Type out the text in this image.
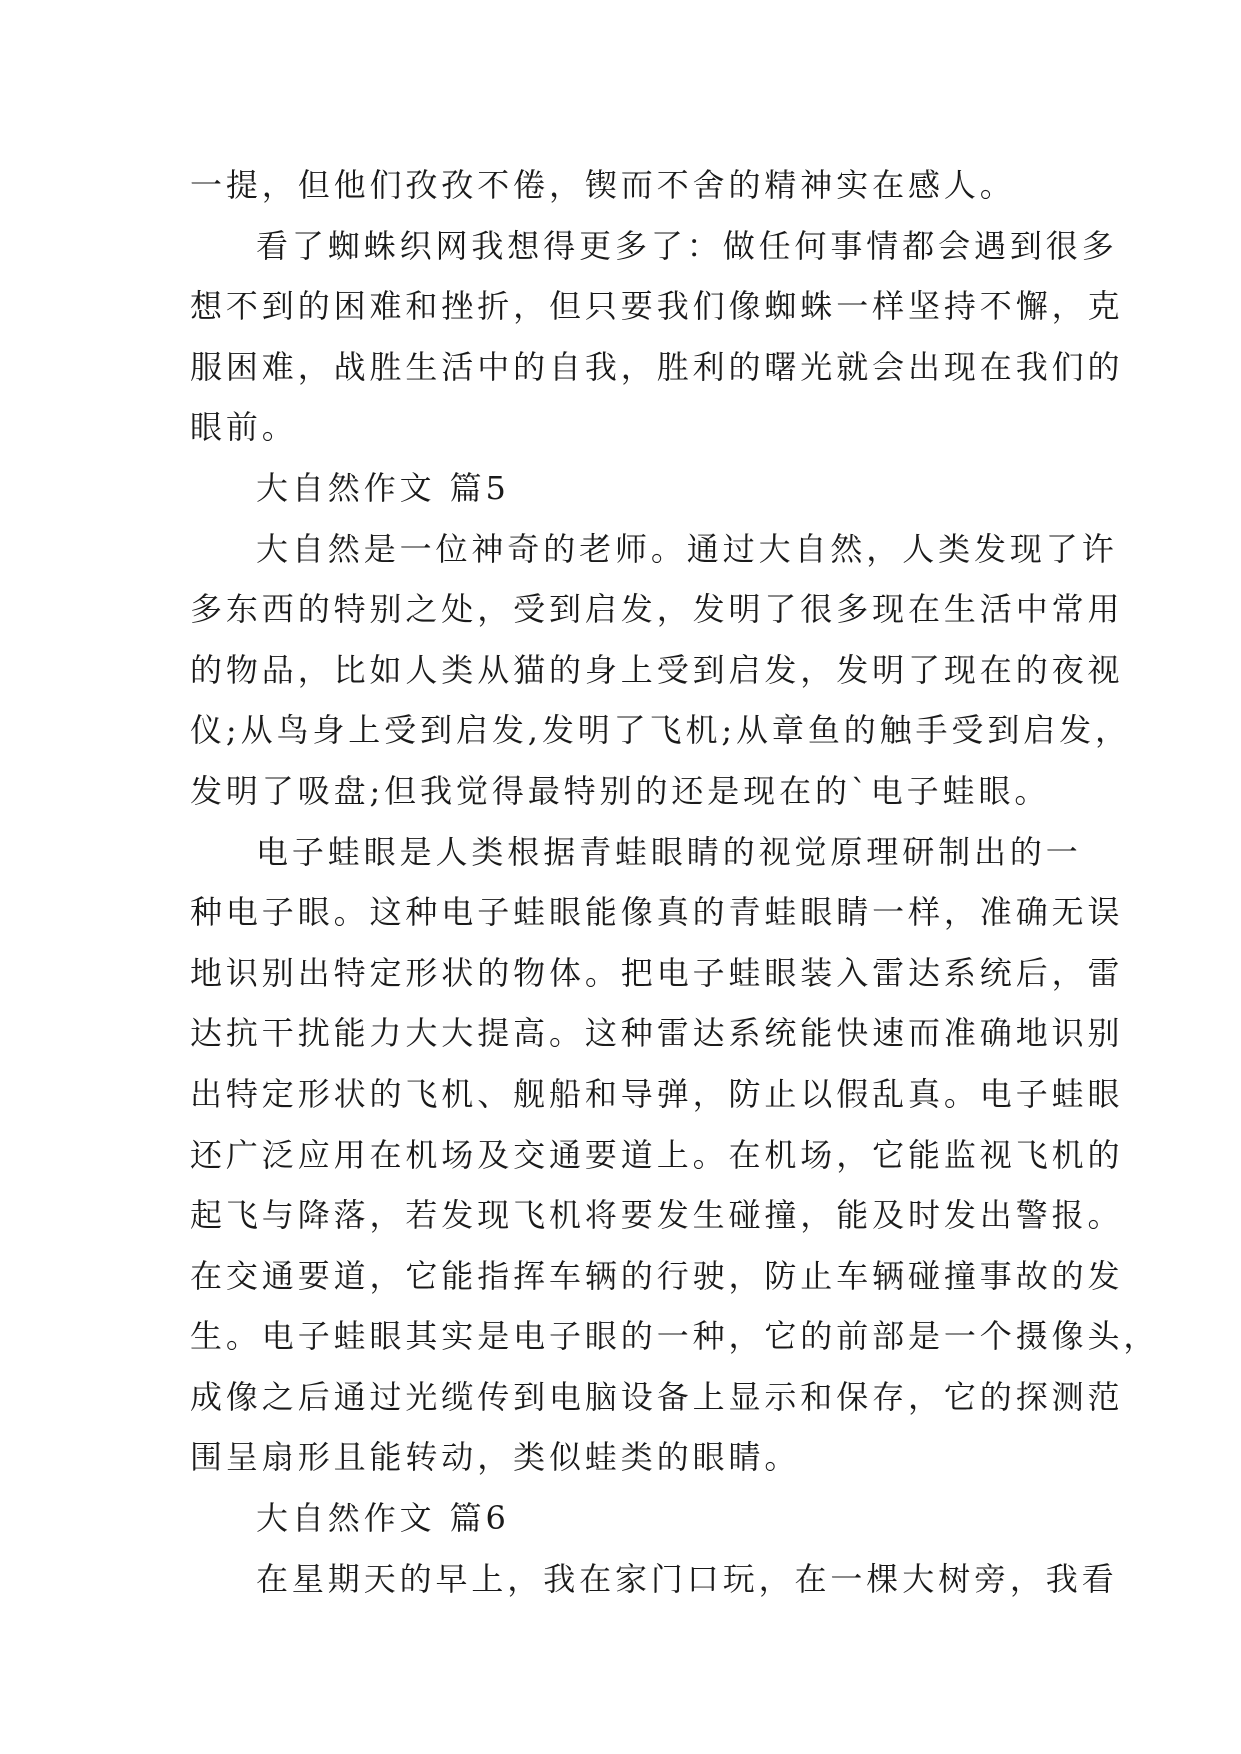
一提，但他们孜孜不倦，锲而不舍的精神实在感人。
看了蜘蛛织网我想得更多了：做任何事情都会遇到很多
想不到的困难和挫折，但只要我们像蜘蛛一样坚持不懈，克
服困难，战胜生活中的自我，胜利的曙光就会出现在我们的
眼前。
大自然作文 篇5
大自然是一位神奇的老师。通过大自然，人类发现了许
多东西的特别之处，受到启发，发明了很多现在生活中常用
的物品，比如人类从猫的身上受到启发，发明了现在的夜视
仪;从鸟身上受到启发,发明了飞机;从章鱼的触手受到启发，
发明了吸盘;但我觉得最特别的还是现在的`电子蛙眼。
电子蛙眼是人类根据青蛙眼睛的视觉原理研制出的一
种电子眼。这种电子蛙眼能像真的青蛙眼睛一样，准确无误
地识别出特定形状的物体。把电子蛙眼装入雷达系统后，雷
达抗干扰能力大大提高。这种雷达系统能快速而准确地识别
出特定形状的飞机、舰船和导弹，防止以假乱真。电子蛙眼
还广泛应用在机场及交通要道上。在机场，它能监视飞机的
起飞与降落，若发现飞机将要发生碰撞，能及时发出警报。
在交通要道，它能指挥车辆的行驶，防止车辆碰撞事故的发
生。电子蛙眼其实是电子眼的一种，它的前部是一个摄像头，
成像之后通过光缆传到电脑设备上显示和保存，它的探测范
围呈扇形且能转动，类似蛙类的眼睛。
大自然作文 篇6
在星期天的早上，我在家门口玩，在一棵大树旁，我看
